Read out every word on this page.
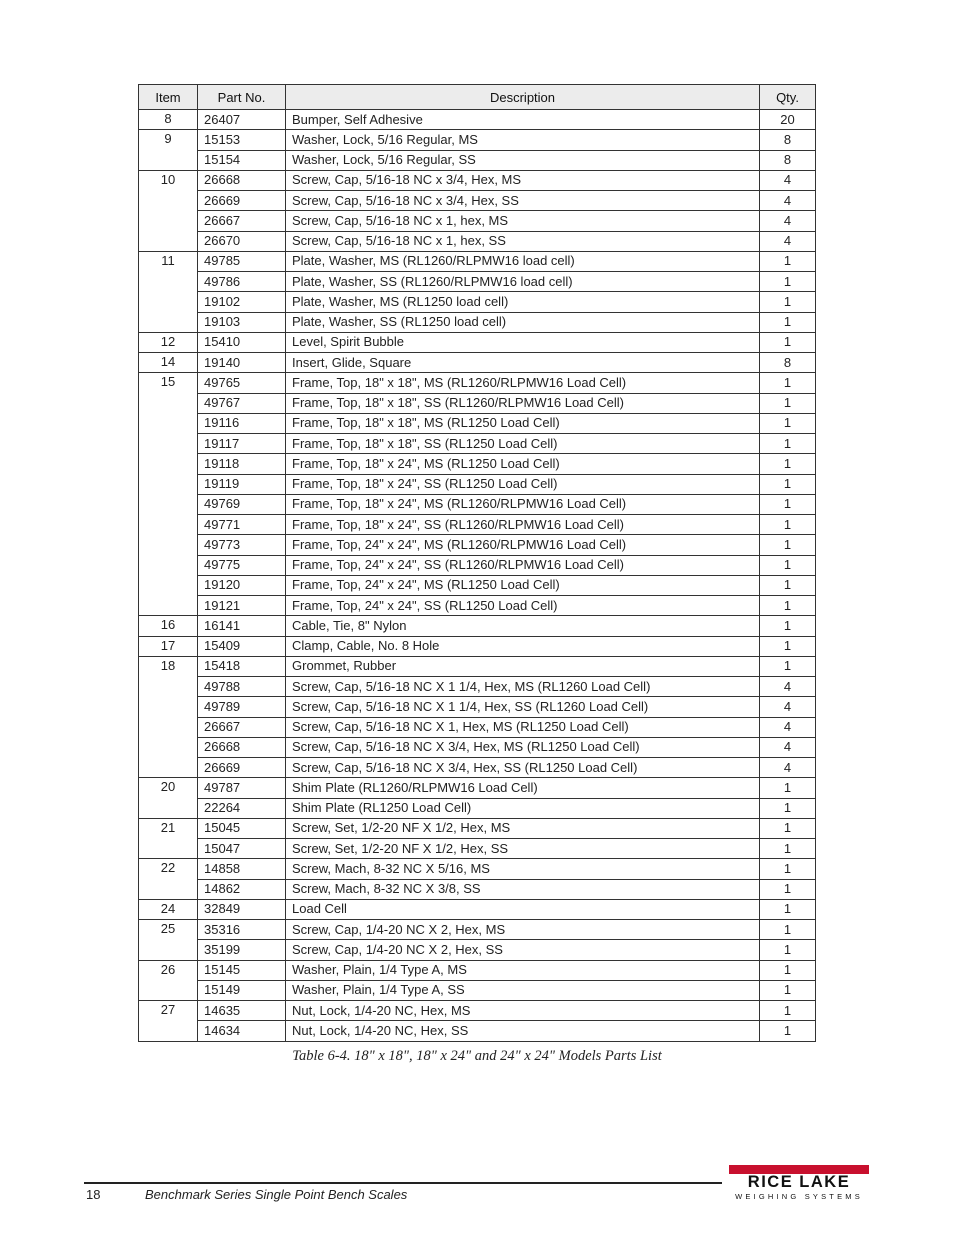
Item	Part No.	Description	Qty.
8	26407	Bumper, Self Adhesive	20
9	15153	Washer, Lock, 5/16 Regular, MS	8
	15154	Washer, Lock, 5/16 Regular, SS	8
10	26668	Screw, Cap, 5/16-18 NC x 3/4, Hex, MS	4
	26669	Screw, Cap, 5/16-18 NC x 3/4, Hex, SS	4
	26667	Screw, Cap, 5/16-18 NC x 1, hex, MS	4
	26670	Screw, Cap, 5/16-18 NC x 1, hex, SS	4
11	49785	Plate, Washer, MS (RL1260/RLPMW16 load cell)	1
	49786	Plate, Washer, SS (RL1260/RLPMW16 load cell)	1
	19102	Plate, Washer, MS (RL1250 load cell)	1
	19103	Plate, Washer, SS (RL1250 load cell)	1
12	15410	Level, Spirit Bubble	1
14	19140	Insert, Glide, Square	8
15	49765	Frame, Top, 18" x 18", MS (RL1260/RLPMW16 Load Cell)	1
	49767	Frame, Top, 18" x 18", SS (RL1260/RLPMW16 Load Cell)	1
	19116	Frame, Top, 18" x 18", MS (RL1250 Load Cell)	1
	19117	Frame, Top, 18" x 18", SS (RL1250 Load Cell)	1
	19118	Frame, Top, 18" x 24", MS (RL1250 Load Cell)	1
	19119	Frame, Top, 18" x 24", SS (RL1250 Load Cell)	1
	49769	Frame, Top, 18" x 24", MS (RL1260/RLPMW16 Load Cell)	1
	49771	Frame, Top, 18" x 24", SS (RL1260/RLPMW16 Load Cell)	1
	49773	Frame, Top, 24" x 24", MS (RL1260/RLPMW16 Load Cell)	1
	49775	Frame, Top, 24" x 24", SS (RL1260/RLPMW16 Load Cell)	1
	19120	Frame, Top, 24" x 24", MS (RL1250 Load Cell)	1
	19121	Frame, Top, 24" x 24", SS (RL1250 Load Cell)	1
16	16141	Cable, Tie, 8" Nylon	1
17	15409	Clamp, Cable, No. 8 Hole	1
18	15418	Grommet, Rubber	1
	49788	Screw, Cap, 5/16-18 NC X 1 1/4, Hex, MS (RL1260 Load Cell)	4
	49789	Screw, Cap, 5/16-18 NC X 1 1/4, Hex, SS (RL1260 Load Cell)	4
	26667	Screw, Cap, 5/16-18 NC X 1, Hex, MS (RL1250 Load Cell)	4
	26668	Screw, Cap, 5/16-18 NC X 3/4, Hex, MS (RL1250 Load Cell)	4
	26669	Screw, Cap, 5/16-18 NC X 3/4, Hex, SS (RL1250 Load Cell)	4
20	49787	Shim Plate (RL1260/RLPMW16 Load Cell)	1
	22264	Shim Plate (RL1250 Load Cell)	1
21	15045	Screw, Set, 1/2-20 NF X 1/2, Hex, MS	1
	15047	Screw, Set, 1/2-20 NF X 1/2, Hex, SS	1
22	14858	Screw, Mach, 8-32 NC X 5/16, MS	1
	14862	Screw, Mach, 8-32 NC X 3/8, SS	1
24	32849	Load Cell	1
25	35316	Screw, Cap, 1/4-20 NC X 2, Hex, MS	1
	35199	Screw, Cap, 1/4-20 NC X 2, Hex, SS	1
26	15145	Washer, Plain, 1/4 Type A, MS	1
	15149	Washer, Plain, 1/4 Type A, SS	1
27	14635	Nut, Lock, 1/4-20 NC, Hex, MS	1
	14634	Nut, Lock, 1/4-20 NC, Hex, SS	1
Table 6-4. 18" x 18", 18" x 24" and 24" x 24" Models Parts List
18	Benchmark Series Single Point Bench Scales
RICE LAKE
WEIGHING SYSTEMS
